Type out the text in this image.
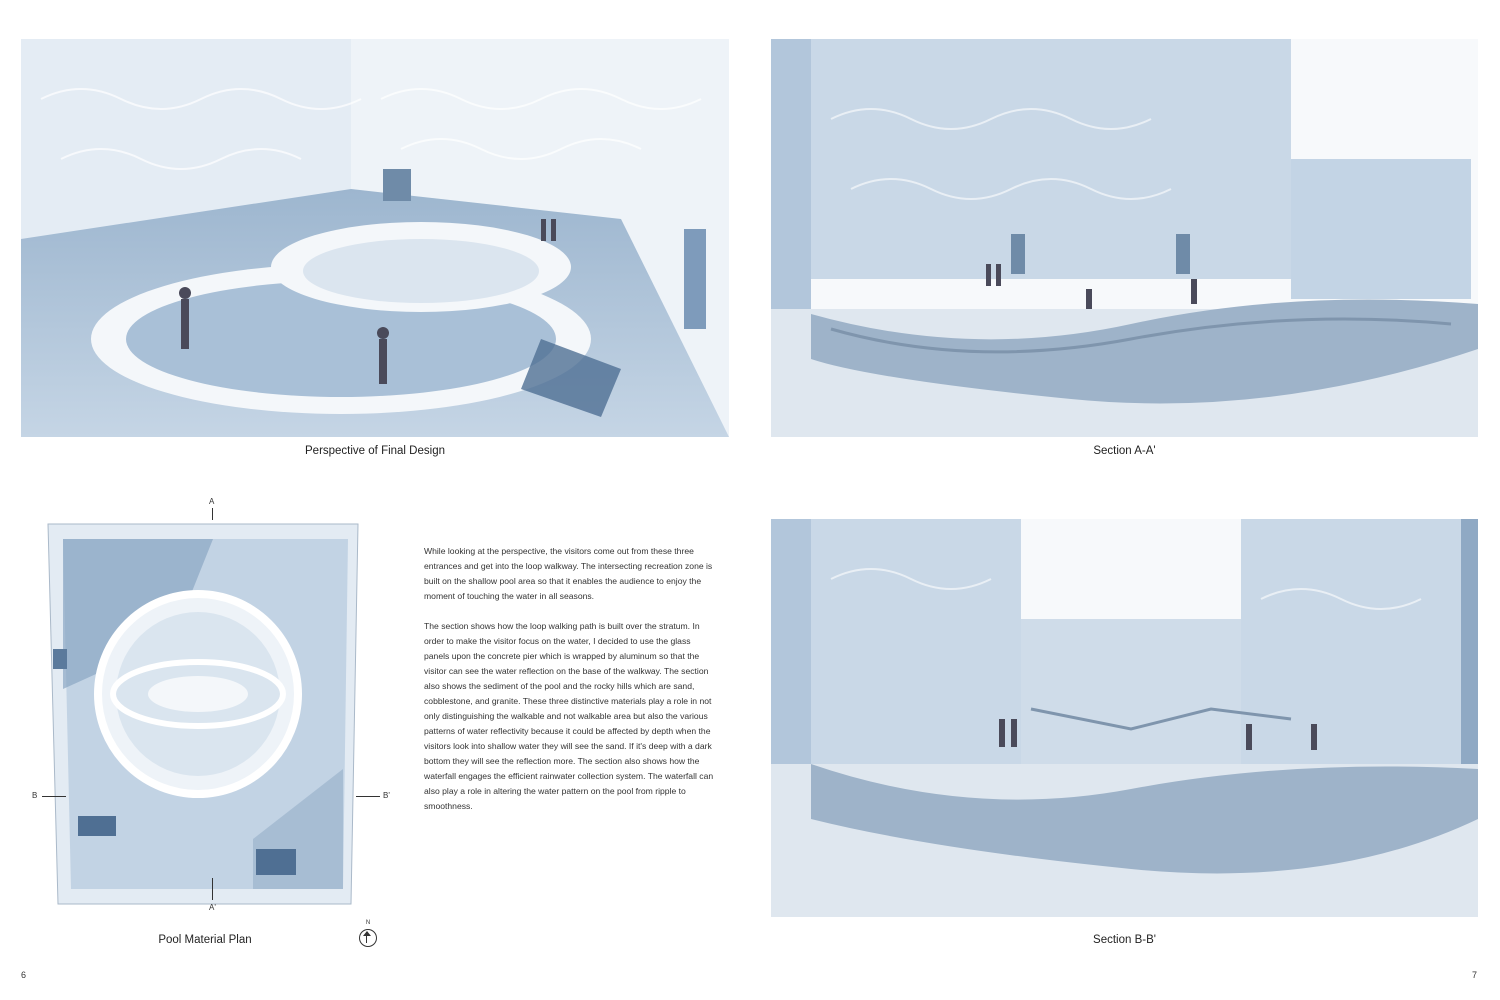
Perspective of Final Design	Section A-A'
A
A'
B	B'
N
Pool Material Plan

While looking at the perspective, the visitors come out from these three entrances and get into the loop walkway. The intersecting recreation zone is built on the shallow pool area so that it enables the audience to enjoy the moment of touching the water in all seasons.

The section shows how the loop walking path is built over the stratum. In order to make the visitor focus on the water, I decided to use the glass panels upon the concrete pier which is wrapped by aluminum so that the visitor can see the water reflection on the base of the walkway. The section also shows the sediment of the pool and the rocky hills which are sand, cobblestone, and granite. These three distinctive materials play a role in not only distinguishing the walkable and not walkable area but also the various patterns of water reflectivity because it could be affected by depth when the visitors look into shallow water they will see the sand. If it's deep with a dark bottom they will see the reflection more. The section also shows how the waterfall engages the efficient rainwater collection system. The waterfall can also play a role in altering the water pattern on the pool from ripple to smoothness.

Section B-B'
6	7
